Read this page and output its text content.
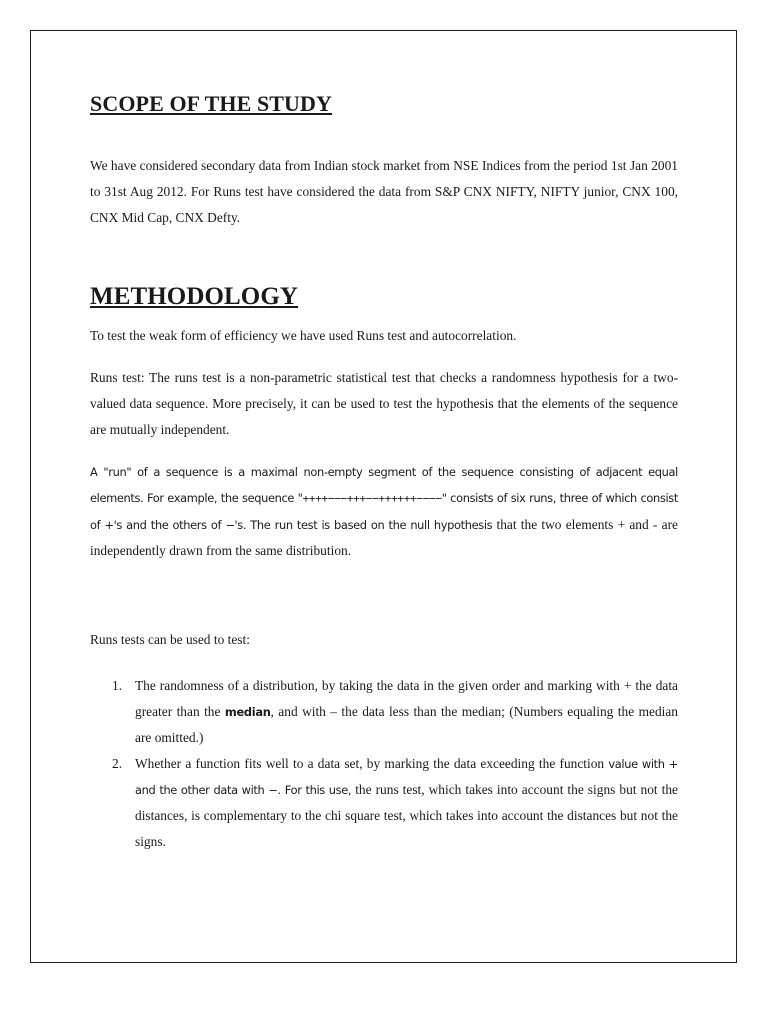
SCOPE OF THE STUDY

We have considered secondary data from Indian stock market from NSE Indices from the period 1st Jan 2001 to 31st Aug 2012. For Runs test have considered the data from S&P CNX NIFTY, NIFTY junior, CNX 100, CNX Mid Cap, CNX Defty.

METHODOLOGY

To test the weak form of efficiency we have used Runs test and autocorrelation.

Runs test: The runs test is a non-parametric statistical test that checks a randomness hypothesis for a two-valued data sequence. More precisely, it can be used to test the hypothesis that the elements of the sequence are mutually independent.

A "run" of a sequence is a maximal non-empty segment of the sequence consisting of adjacent equal elements. For example, the sequence "++++−−−+++−−++++++−−−−" consists of six runs, three of which consist of +'s and the others of −'s. The run test is based on the null hypothesis that the two elements + and - are independently drawn from the same distribution.

Runs tests can be used to test:

1. The randomness of a distribution, by taking the data in the given order and marking with + the data greater than the median, and with – the data less than the median; (Numbers equaling the median are omitted.)
2. Whether a function fits well to a data set, by marking the data exceeding the function value with + and the other data with −. For this use, the runs test, which takes into account the signs but not the distances, is complementary to the chi square test, which takes into account the distances but not the signs.
